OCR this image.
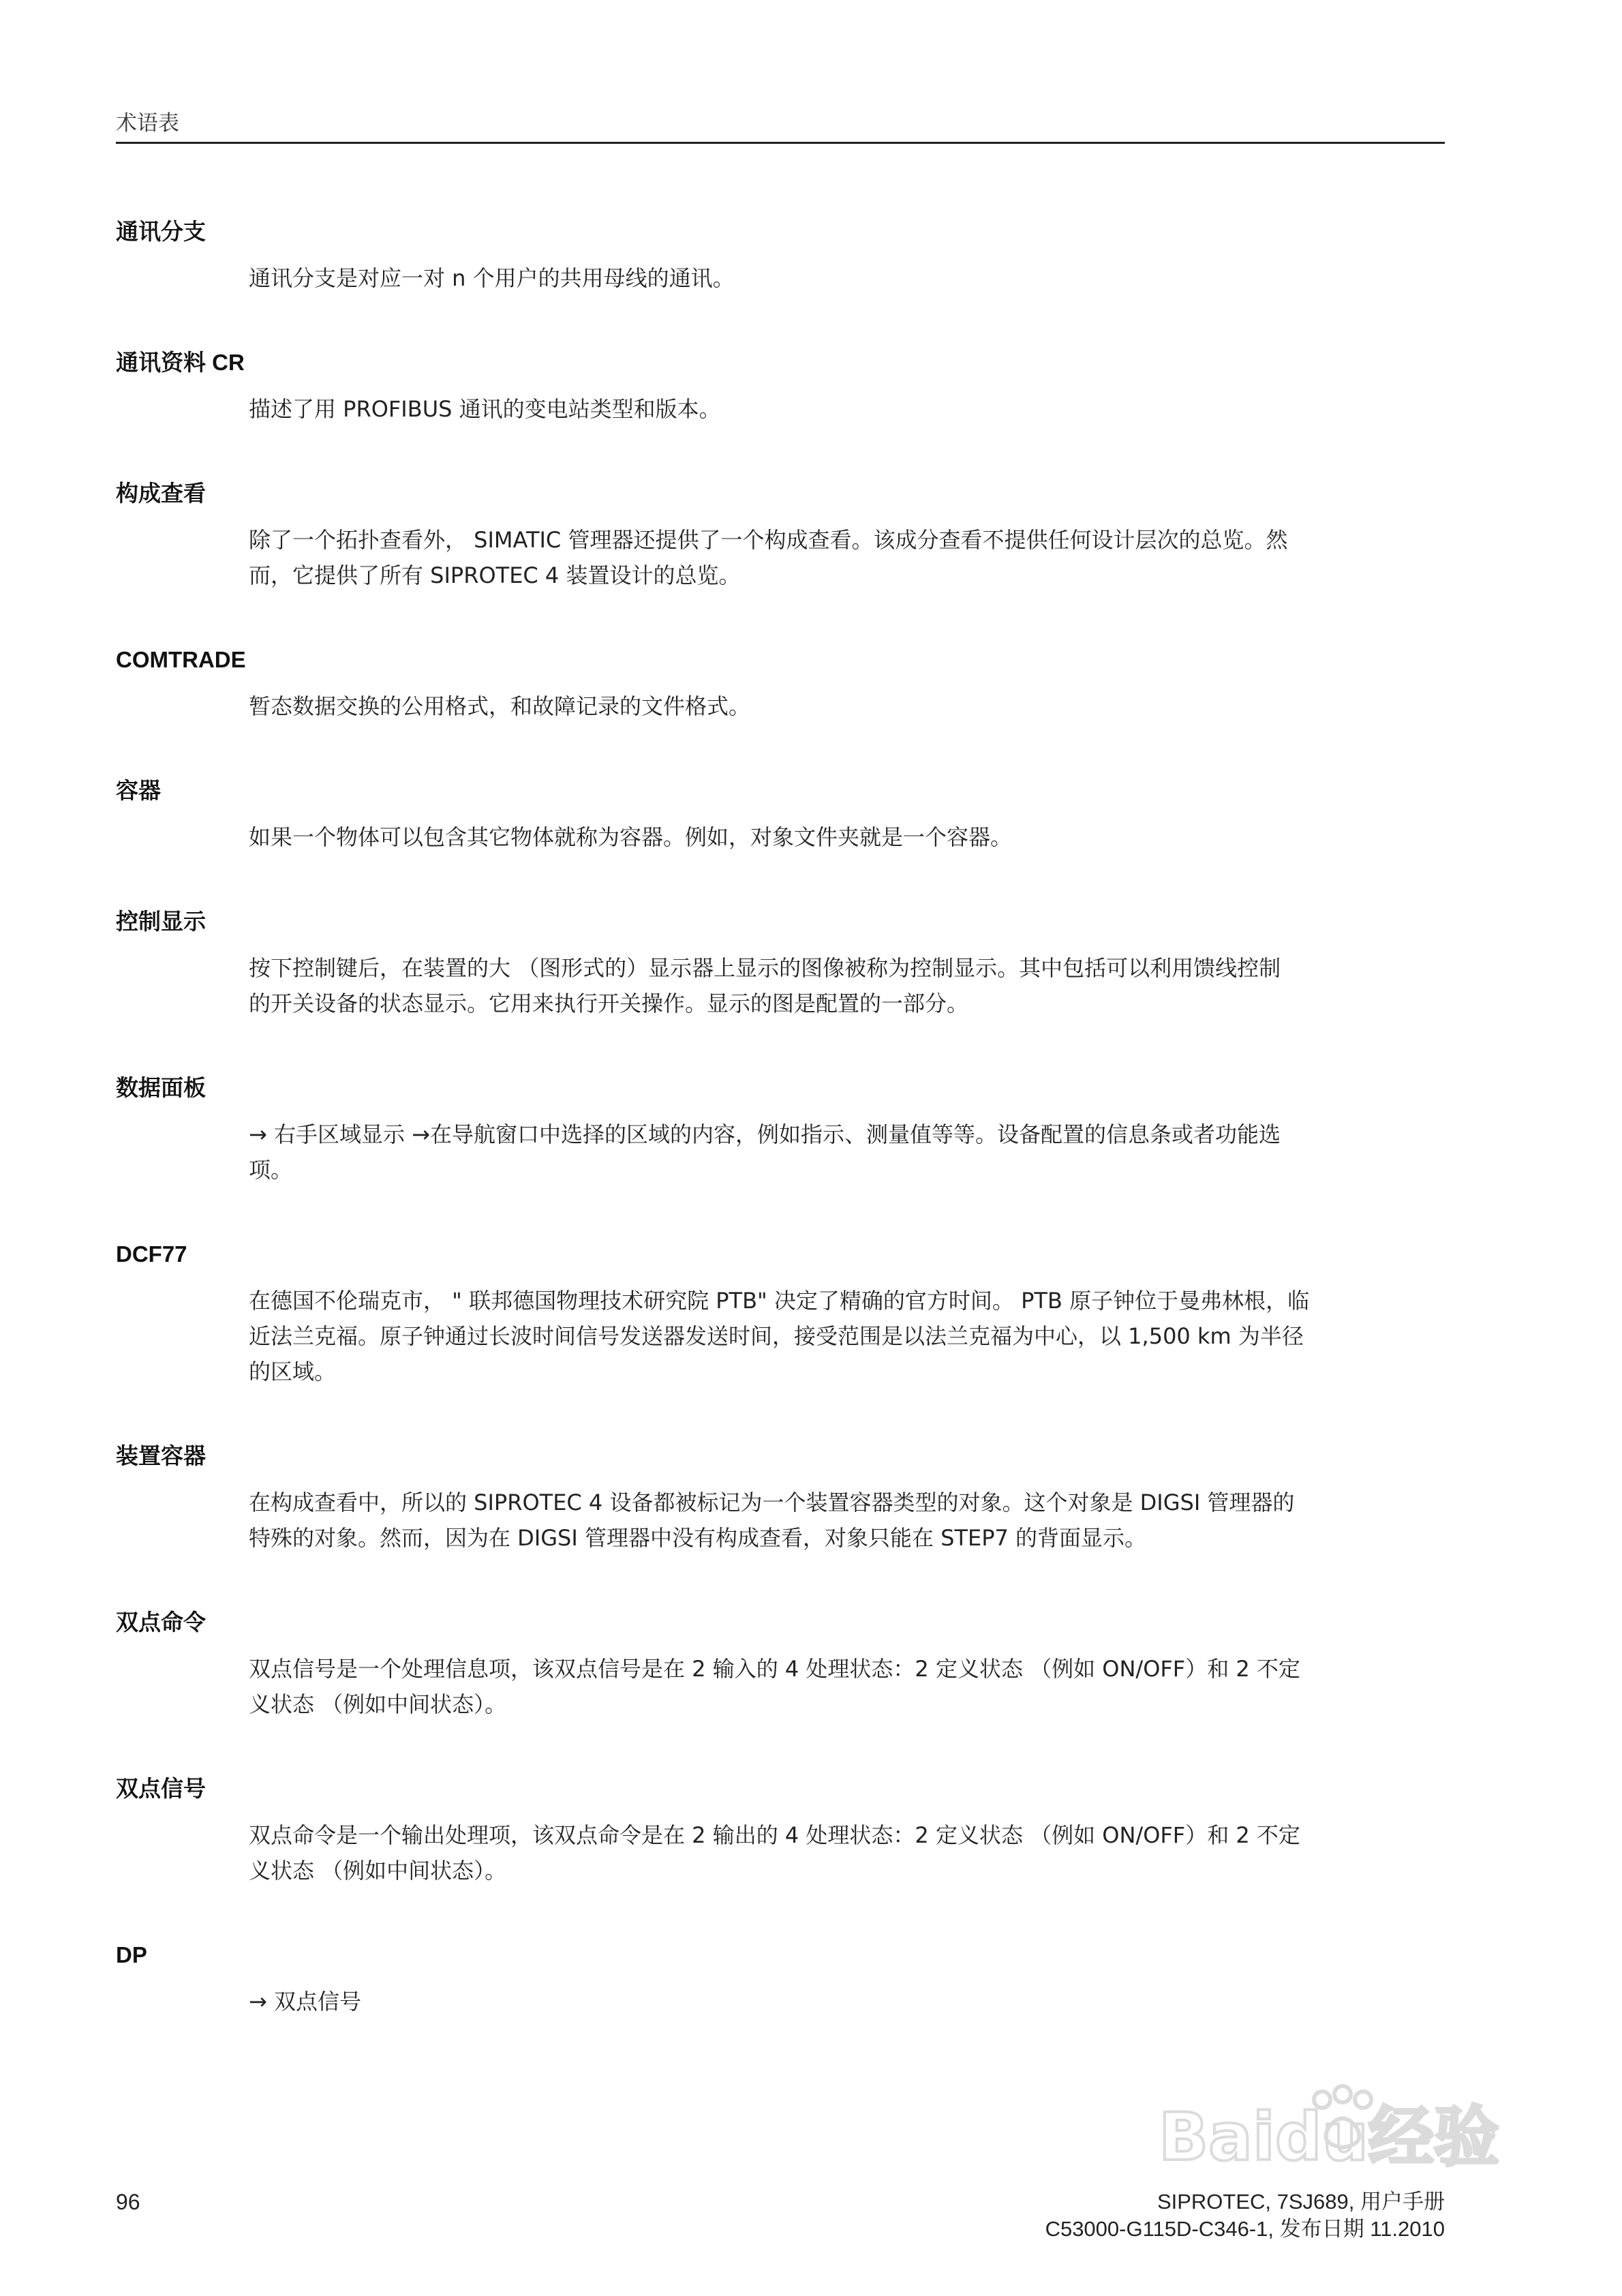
术语表
通讯分支
通讯分支是对应一对 n 个用户的共用母线的通讯。
通讯资料 CR
描述了用 PROFIBUS 通讯的变电站类型和版本。
构成查看
除了一个拓扑查看外， SIMATIC 管理器还提供了一个构成查看。该成分查看不提供任何设计层次的总览。然
而，它提供了所有 SIPROTEC 4 装置设计的总览。
COMTRADE
暂态数据交换的公用格式，和故障记录的文件格式。
容器
如果一个物体可以包含其它物体就称为容器。例如，对象文件夹就是一个容器。
控制显示
按下控制键后，在装置的大 （图形式的）显示器上显示的图像被称为控制显示。其中包括可以利用馈线控制
的开关设备的状态显示。它用来执行开关操作。显示的图是配置的一部分。
数据面板
→ 右手区域显示 →在导航窗口中选择的区域的内容，例如指示、测量值等等。设备配置的信息条或者功能选
项。
DCF77
在德国不伦瑞克市， " 联邦德国物理技术研究院 PTB" 决定了精确的官方时间。 PTB 原子钟位于曼弗林根，临
近法兰克福。原子钟通过长波时间信号发送器发送时间，接受范围是以法兰克福为中心，以 1,500 km 为半径
的区域。
装置容器
在构成查看中，所以的 SIPROTEC 4 设备都被标记为一个装置容器类型的对象。这个对象是 DIGSI 管理器的
特殊的对象。然而，因为在 DIGSI 管理器中没有构成查看，对象只能在 STEP7 的背面显示。
双点命令
双点信号是一个处理信息项，该双点信号是在 2 输入的 4 处理状态：2 定义状态 （例如 ON/OFF）和 2 不定
义状态 （例如中间状态）。
双点信号
双点命令是一个输出处理项，该双点命令是在 2 输出的 4 处理状态：2 定义状态 （例如 ON/OFF）和 2 不定
义状态 （例如中间状态）。
DP
→ 双点信号
Baidu经验
96	SIPROTEC, 7SJ689, 用户手册
C53000-G115D-C346-1, 发布日期 11.2010
